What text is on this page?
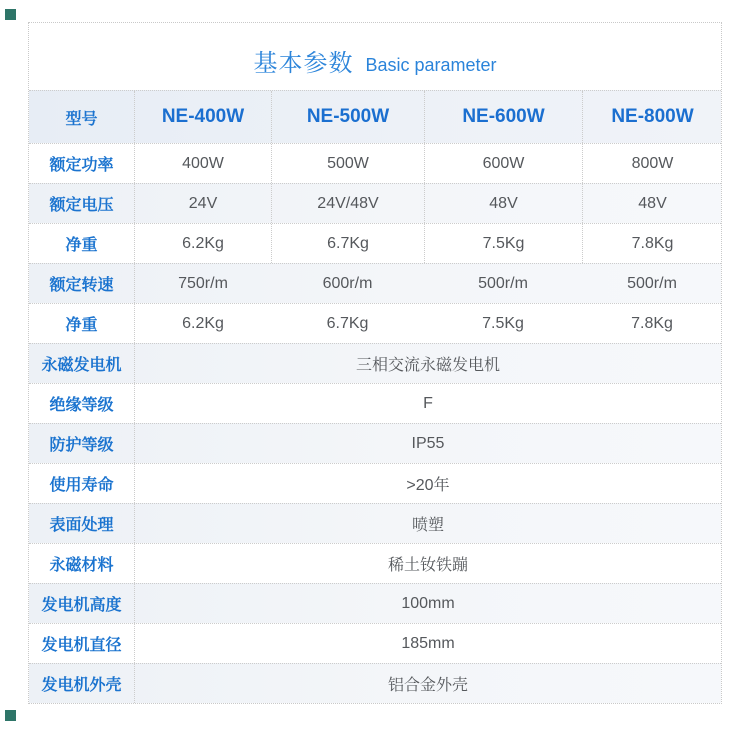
基本参数 Basic parameter
型号	NE-400W	NE-500W	NE-600W	NE-800W
额定功率	400W	500W	600W	800W
额定电压	24V	24V/48V	48V	48V
净重	6.2Kg	6.7Kg	7.5Kg	7.8Kg
额定转速	750r/m	600r/m	500r/m	500r/m
净重	6.2Kg	6.7Kg	7.5Kg	7.8Kg
永磁发电机	三相交流永磁发电机
绝缘等级	F
防护等级	IP55
使用寿命	>20年
表面处理	喷塑
永磁材料	稀土钕铁蹦
发电机高度	100mm
发电机直径	185mm
发电机外壳	铝合金外壳
